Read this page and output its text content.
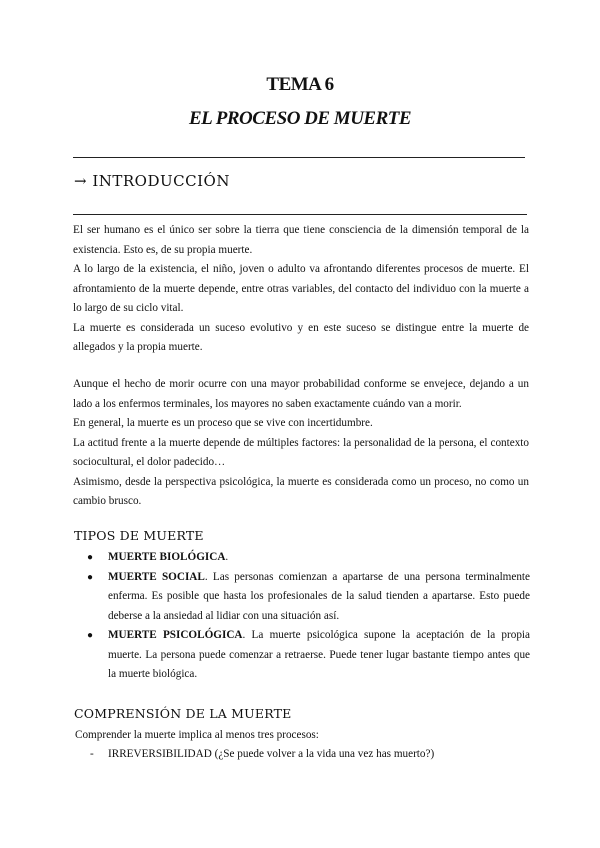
TEMA 6
EL PROCESO DE MUERTE
→ INTRODUCCIÓN

El ser humano es el único ser sobre la tierra que tiene consciencia de la dimensión temporal de la existencia. Esto es, de su propia muerte.

A lo largo de la existencia, el niño, joven o adulto va afrontando diferentes procesos de muerte. El afrontamiento de la muerte depende, entre otras variables, del contacto del individuo con la muerte a lo largo de su ciclo vital.

La muerte es considerada un suceso evolutivo y en este suceso se distingue entre la muerte de allegados y la propia muerte.

Aunque el hecho de morir ocurre con una mayor probabilidad conforme se envejece, dejando a un lado a los enfermos terminales, los mayores no saben exactamente cuándo van a morir.

En general, la muerte es un proceso que se vive con incertidumbre.

La actitud frente a la muerte depende de múltiples factores: la personalidad de la persona, el contexto sociocultural, el dolor padecido…

Asimismo, desde la perspectiva psicológica, la muerte es considerada como un proceso, no como un cambio brusco.

TIPOS DE MUERTE
● MUERTE BIOLÓGICA.
● MUERTE SOCIAL. Las personas comienzan a apartarse de una persona terminalmente enferma. Es posible que hasta los profesionales de la salud tienden a apartarse. Esto puede deberse a la ansiedad al lidiar con una situación así.
● MUERTE PSICOLÓGICA. La muerte psicológica supone la aceptación de la propia muerte. La persona puede comenzar a retraerse. Puede tener lugar bastante tiempo antes que la muerte biológica.
COMPRENSIÓN DE LA MUERTE
Comprender la muerte implica al menos tres procesos:
- IRREVERSIBILIDAD (¿Se puede volver a la vida una vez has muerto?)
